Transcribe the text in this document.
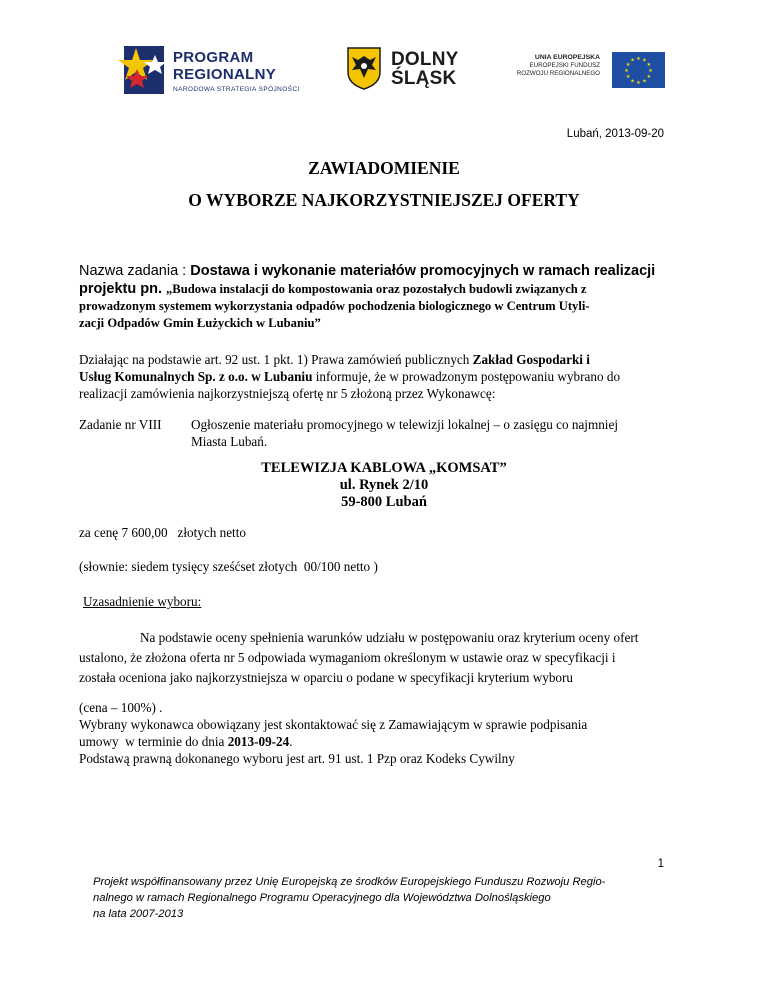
PROGRAM
REGIONALNY
NARODOWA STRATEGIA SPÓJNOŚCI
DOLNY
ŚLĄSK
UNIA EUROPEJSKA
EUROPEJSKI FUNDUSZ
ROZWOJU REGIONALNEGO
★ ★
★
★
★
★
★
★
★
★
★
★
Lubań, 2013-09-20
ZAWIADOMIENIE
O WYBORZE NAJKORZYSTNIEJSZEJ OFERTY
Nazwa zadania : Dostawa i wykonanie materiałów promocyjnych w ramach realizacji
projektu pn. „Budowa instalacji do kompostowania oraz pozostałych budowli związanych z
prowadzonym systemem wykorzystania odpadów pochodzenia biologicznego w Centrum Utyli-
zacji Odpadów Gmin Łużyckich w Lubaniu”
Działając na podstawie art. 92 ust. 1 pkt. 1) Prawa zamówień publicznych Zakład Gospodarki i
Usług Komunalnych Sp. z o.o. w Lubaniu informuje, że w prowadzonym postępowaniu wybrano do
realizacji zamówienia najkorzystniejszą ofertę nr 5 złożoną przez Wykonawcę:
Zadanie nr VIII Ogłoszenie materiału promocyjnego w telewizji lokalnej – o zasięgu co najmniej
Miasta Lubań.
TELEWIZJA KABLOWA „KOMSAT”
ul. Rynek 2/10
59-800 Lubań
za cenę 7 600,00   złotych netto
(słownie: siedem tysięcy sześćset złotych  00/100 netto )
Uzasadnienie wyboru:
Na podstawie oceny spełnienia warunków udziału w postępowaniu oraz kryterium oceny ofert
ustalono, że złożona oferta nr 5 odpowiada wymaganiom określonym w ustawie oraz w specyfikacji i
została oceniona jako najkorzystniejsza w oparciu o podane w specyfikacji kryterium wyboru
(cena – 100%) .
Wybrany wykonawca obowiązany jest skontaktować się z Zamawiającym w sprawie podpisania
umowy  w terminie do dnia 2013-09-24.
Podstawą prawną dokonanego wyboru jest art. 91 ust. 1 Pzp oraz Kodeks Cywilny
1
Projekt współfinansowany przez Unię Europejską ze środków Europejskiego Funduszu Rozwoju Regio-
nalnego w ramach Regionalnego Programu Operacyjnego dla Województwa Dolnośląskiego
na lata 2007-2013
